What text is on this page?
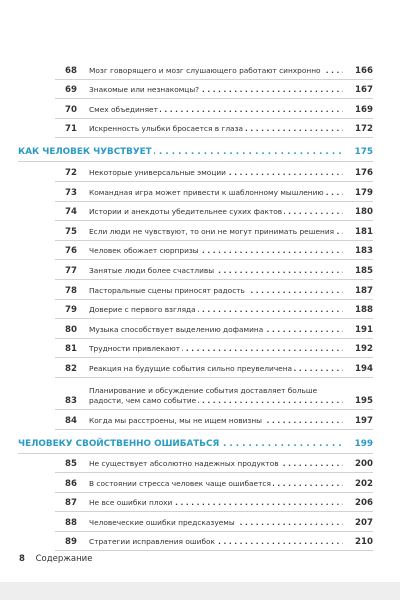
68 Мозг говорящего и мозг слушающего работают синхронно . . .	166
69 Знакомые или незнакомцы? . . .	167
70 Смех объединяет . . .	169
71 Искренность улыбки бросается в глаза . . .	172
КАК ЧЕЛОВЕК ЧУВСТВУЕТ . . .	175
72 Некоторые универсальные эмоции . . .	176
73 Командная игра может привести к шаблонному мышлению . . .	179
74 Истории и анекдоты убедительнее сухих фактов . . .	180
75 Если люди не чувствуют, то они не могут принимать решения . . .	181
76 Человек обожает сюрпризы . . .	183
77 Занятые люди более счастливы . . .	185
78 Пасторальные сцены приносят радость . . .	187
79 Доверие с первого взгляда . . .	188
80 Музыка способствует выделению дофамина . . .	191
81 Трудности привлекают . . .	192
82 Реакция на будущие события сильно преувеличена . . .	194
83
Планирование и обсуждение события доставляет больше радости, чем само событие . . .	195
84 Когда мы расстроены, мы не ищем новизны . . .	197
ЧЕЛОВЕКУ СВОЙСТВЕННО ОШИБАТЬСЯ . . .	199
85 Не существует абсолютно надежных продуктов . . .	200
86 В состоянии стресса человек чаще ошибается . . .	202
87 Не все ошибки плохи . . .	206
88 Человеческие ошибки предсказуемы . . .	207
89 Стратегии исправления ошибок . . .	210
8 Содержание
